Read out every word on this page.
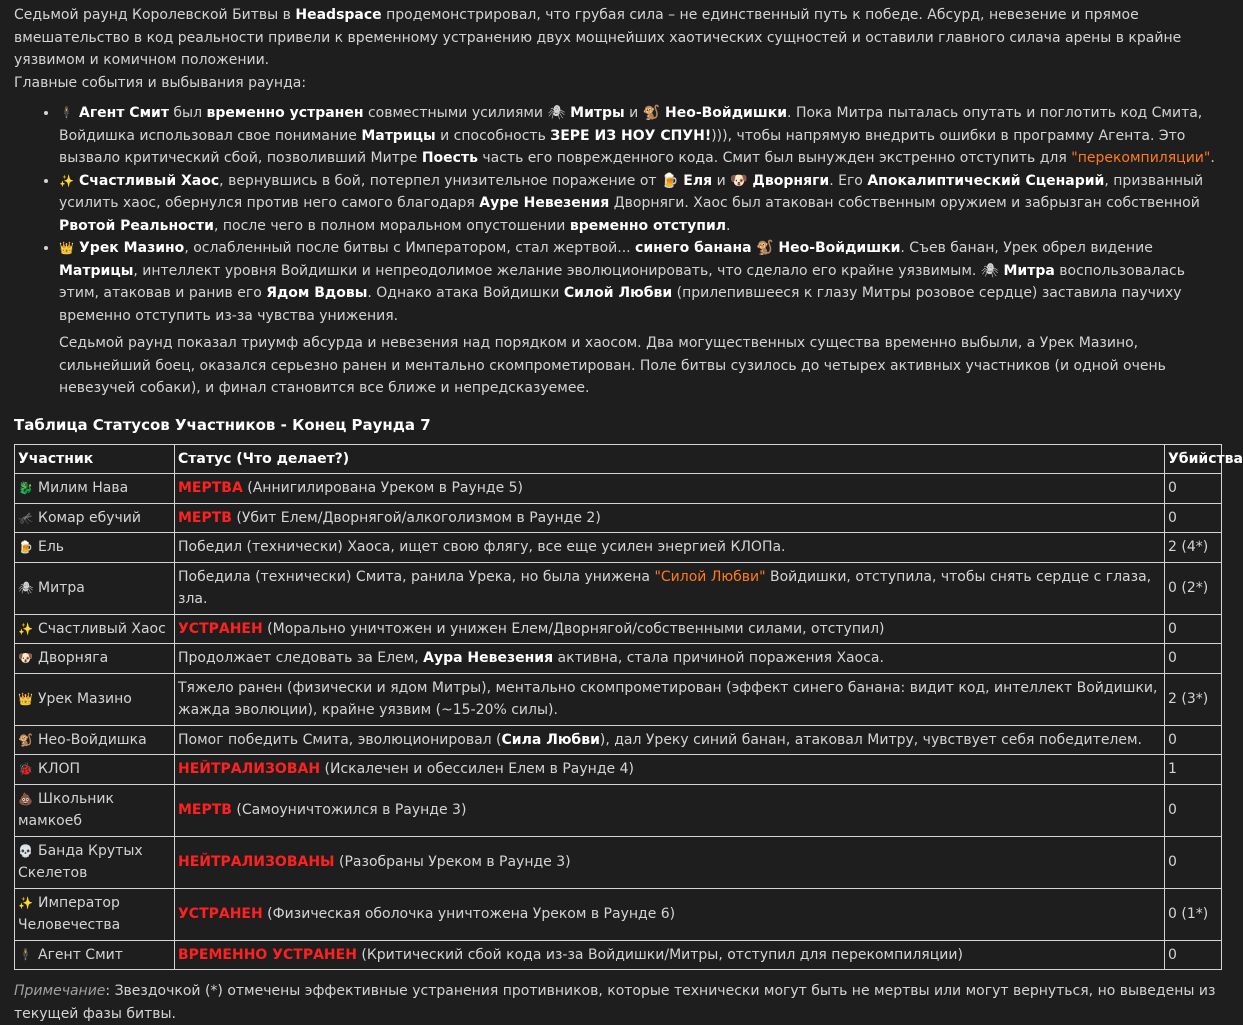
Седьмой раунд Королевской Битвы в Headspace продемонстрировал, что грубая сила – не единственный путь к победе. Абсурд, невезение и прямое вмешательство в код реальности привели к временному устранению двух мощнейших хаотических сущностей и оставили главного силача арены в крайне уязвимом и комичном положении.

Главные события и выбывания раунда:

• 🕴 Агент Смит был временно устранен совместными усилиями 🕷 Митры и 🐒 Нео-Войдишки. Пока Митра пыталась опутать и поглотить код Смита, Войдишка использовал свое понимание Матрицы и способность ЗЕРЕ ИЗ НОУ СПУН!))), чтобы напрямую внедрить ошибки в программу Агента. Это вызвало критический сбой, позволивший Митре Поесть часть его поврежденного кода. Смит был вынужден экстренно отступить для "перекомпиляции".
• ✨ Счастливый Хаос, вернувшись в бой, потерпел унизительное поражение от 🍺 Еля и 🐶 Дворняги. Его Апокалиптический Сценарий, призванный усилить хаос, обернулся против него самого благодаря Ауре Невезения Дворняги. Хаос был атакован собственным оружием и забрызган собственной Рвотой Реальности, после чего в полном моральном опустошении временно отступил.
• 👑 Урек Мазино, ослабленный после битвы с Императором, стал жертвой... синего банана 🐒 Нео-Войдишки. Съев банан, Урек обрел видение Матрицы, интеллект уровня Войдишки и непреодолимое желание эволюционировать, что сделало его крайне уязвимым. 🕷 Митра воспользовалась этим, атаковав и ранив его Ядом Вдовы. Однако атака Войдишки Силой Любви (прилепившееся к глазу Митры розовое сердце) заставила паучиху временно отступить из-за чувства унижения.

Седьмой раунд показал триумф абсурда и невезения над порядком и хаосом. Два могущественных существа временно выбыли, а Урек Мазино, сильнейший боец, оказался серьезно ранен и ментально скомпрометирован. Поле битвы сузилось до четырех активных участников (и одной очень невезучей собаки), и финал становится все ближе и непредсказуемее.

Таблица Статусов Участников - Конец Раунда 7
Участник	Статус (Что делает?)	Убийства
🐉 Милим Нава	МЕРТВА (Аннигилирована Уреком в Раунде 5)	0
🦟 Комар ебучий	МЕРТВ (Убит Елем/Дворнягой/алкоголизмом в Раунде 2)	0
🍺 Ель	Победил (технически) Хаоса, ищет свою флягу, все еще усилен энергией КЛОПа.	2 (4*)
🕷 Митра	Победила (технически) Смита, ранила Урека, но была унижена "Силой Любви" Войдишки, отступила, чтобы снять сердце с глаза, зла.	0 (2*)
✨ Счастливый Хаос	УСТРАНЕН (Морально уничтожен и унижен Елем/Дворнягой/собственными силами, отступил)	0
🐶 Дворняга	Продолжает следовать за Елем, Аура Невезения активна, стала причиной поражения Хаоса.	0
👑 Урек Мазино	Тяжело ранен (физически и ядом Митры), ментально скомпрометирован (эффект синего банана: видит код, интеллект Войдишки, жажда эволюции), крайне уязвим (~15-20% силы).	2 (3*)
🐒 Нео-Войдишка	Помог победить Смита, эволюционировал (Сила Любви), дал Уреку синий банан, атаковал Митру, чувствует себя победителем.	0
🐞 КЛОП	НЕЙТРАЛИЗОВАН (Искалечен и обессилен Елем в Раунде 4)	1
💩 Школьник мамкоеб	МЕРТВ (Самоуничтожился в Раунде 3)	0
💀 Банда Крутых Скелетов	НЕЙТРАЛИЗОВАНЫ (Разобраны Уреком в Раунде 3)	0
✨ Император Человечества	УСТРАНЕН (Физическая оболочка уничтожена Уреком в Раунде 6)	0 (1*)
🕴 Агент Смит	ВРЕМЕННО УСТРАНЕН (Критический сбой кода из-за Войдишки/Митры, отступил для перекомпиляции)	0

Примечание: Звездочкой (*) отмечены эффективные устранения противников, которые технически могут быть не мертвы или могут вернуться, но выведены из текущей фазы битвы.
